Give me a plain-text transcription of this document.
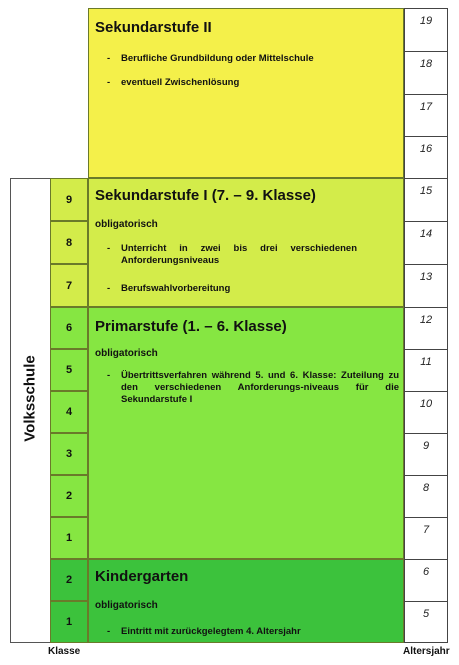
Volksschule
Sekundarstufe II
-	Berufliche Grundbildung oder Mittelschule
-	eventuell Zwischenlösung
Sekundarstufe I (7. – 9. Klasse)
obligatorisch
-	Unterricht in zwei bis drei verschiedenen Anforderungsniveaus
-	Berufswahlvorbereitung
9
8
7
Primarstufe (1. – 6. Klasse)
obligatorisch
-	Übertrittsverfahren während 5. und 6. Klasse: Zuteilung zu den verschiedenen Anforderungs-niveaus für die Sekundarstufe I
6
5
4
3
2
1
Kindergarten
obligatorisch
-	Eintritt mit zurückgelegtem 4. Altersjahr
2
1
19
18
17
16
15
14
13
12
11
10
9
8
7
6
5
Klasse	Altersjahr
